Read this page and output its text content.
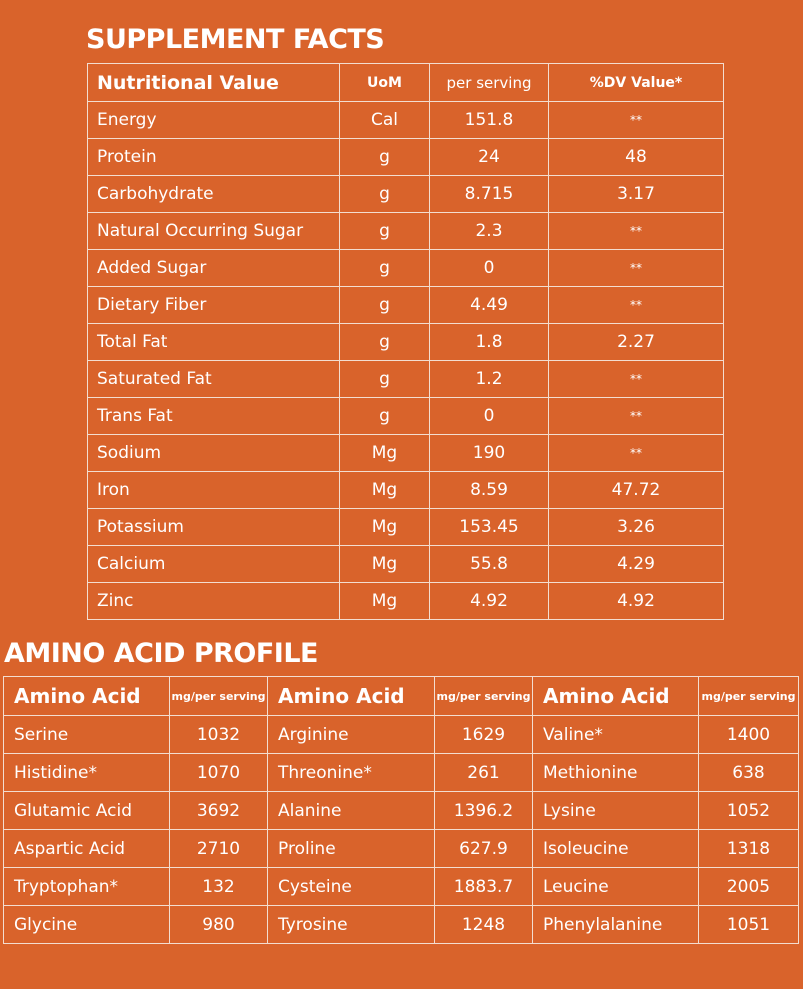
SUPPLEMENT FACTS
Nutritional Value	UoM	per serving	%DV Value*
Energy	Cal	151.8	**
Protein	g	24	48
Carbohydrate	g	8.715	3.17
Natural Occurring Sugar	g	2.3	**
Added Sugar	g	0	**
Dietary Fiber	g	4.49	**
Total Fat	g	1.8	2.27
Saturated Fat	g	1.2	**
Trans Fat	g	0	**
Sodium	Mg	190	**
Iron	Mg	8.59	47.72
Potassium	Mg	153.45	3.26
Calcium	Mg	55.8	4.29
Zinc	Mg	4.92	4.92
AMINO ACID PROFILE
Amino Acid	mg/per serving	Amino Acid	mg/per serving	Amino Acid	mg/per serving
Serine	1032	Arginine	1629	Valine*	1400
Histidine*	1070	Threonine*	261	Methionine	638
Glutamic Acid	3692	Alanine	1396.2	Lysine	1052
Aspartic Acid	2710	Proline	627.9	Isoleucine	1318
Tryptophan*	132	Cysteine	1883.7	Leucine	2005
Glycine	980	Tyrosine	1248	Phenylalanine	1051
